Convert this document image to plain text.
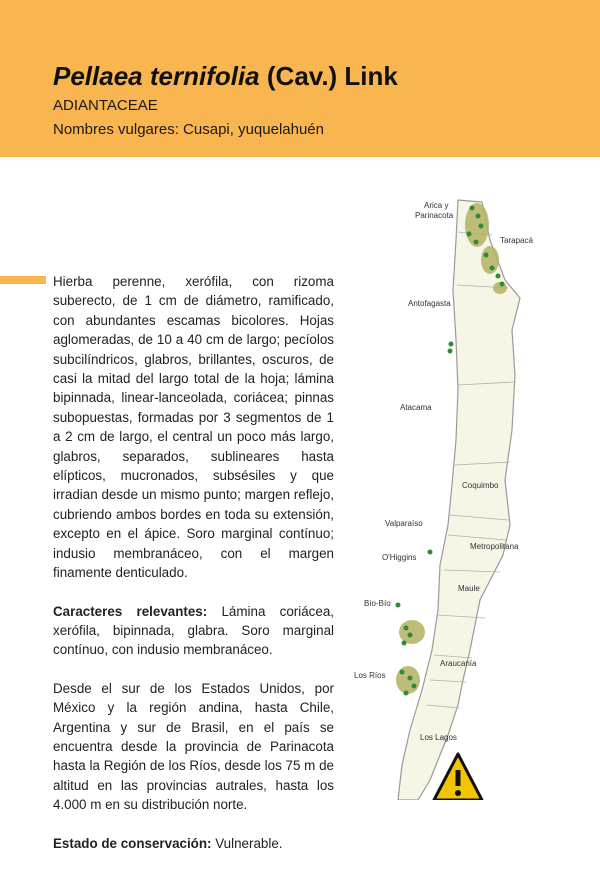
Pellaea ternifolia (Cav.) Link
ADIANTACEAE
Nombres vulgares: Cusapi, yuquelahuén

Hierba perenne, xerófila, con rizoma suberecto, de 1 cm de diámetro, ramificado, con abundantes escamas bicolores. Hojas aglomeradas, de 10 a 40 cm de largo; pecíolos subcilíndricos, glabros, brillantes, oscuros, de casi la mitad del largo total de la hoja; lámina bipinnada, linear-lanceolada, coriácea; pinnas subopuestas, formadas por 3 segmentos de 1 a 2 cm de largo, el central un poco más largo, glabros, separados, sublineares hasta elípticos, mucronados, subsésiles y que irradian desde un mismo punto; margen reflejo, cubriendo ambos bordes en toda su extensión, excepto en el ápice. Soro marginal contínuo; indusio membranáceo, con el margen finamente denticulado.

Caracteres relevantes: Lámina coriácea, xerófila, bipinnada, glabra. Soro marginal contínuo, con indusio membranáceo.

Desde el sur de los Estados Unidos, por México y la región andina, hasta Chile, Argentina y sur de Brasil, en el país se encuentra desde la provincia de Parinacota hasta la Región de los Ríos, desde los 75 m de altitud en las provincias autrales, hasta los 4.000 m en su distribución norte.

Estado de conservación: Vulnerable.

Arica y
Parinacota
Tarapacá
Antofagasta
Atacama
Coquimbo
Valparaíso
Metropolitana
O'Higgins
Maule
Bío-Bío
Araucanía
Los Ríos
Los Lagos
